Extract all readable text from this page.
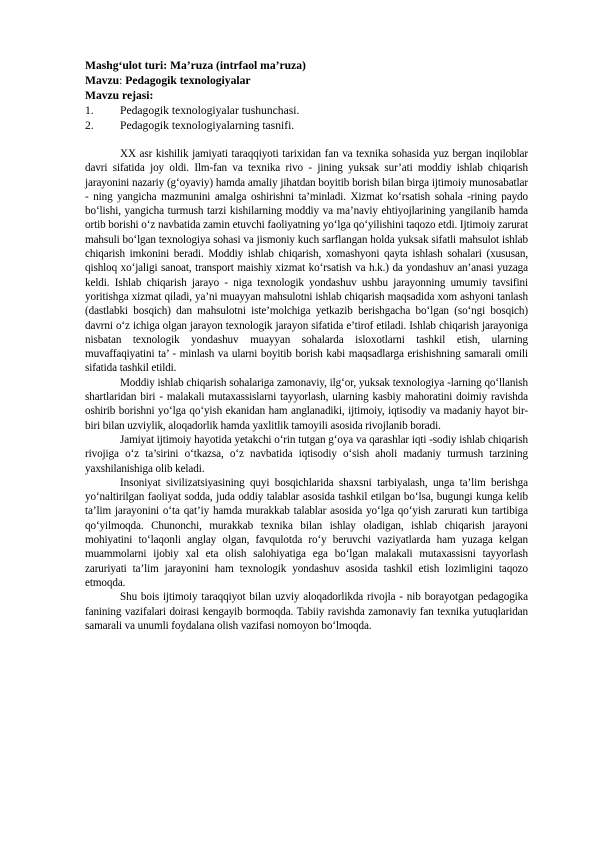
Mashg‘ulot turi: Ma’ruza (intrfaol ma’ruza)
Mavzu: Pedagogik texnologiyalar
Mavzu rejasi:
1.	Pedagogik texnologiyalar tushunchasi.
2.	Pedagogik texnologiyalarning tasnifi.

XX asr kishilik jamiyati taraqqiyoti tarixidan fan va texnika sohasida yuz bergan inqiloblar davri sifatida joy oldi. Ilm-fan va texnika rivo - jining yuksak sur’ati moddiy ishlab chiqarish jarayonini nazariy (g‘oyaviy) hamda amaliy jihatdan boyitib borish bilan birga ijtimoiy munosabatlar - ning yangicha mazmunini amalga oshirishni ta’minladi. Xizmat ko‘rsatish sohala -rining paydo bo‘lishi, yangicha turmush tarzi kishilarning moddiy va ma’naviy ehtiyojlarining yangilanib hamda ortib borishi o‘z navbatida zamin etuvchi faoliyatning yo‘lga qo‘yilishini taqozo etdi. Ijtimoiy zarurat mahsuli bo‘lgan texnologiya sohasi va jismoniy kuch sarflangan holda yuksak sifatli mahsulot ishlab chiqarish imkonini beradi. Moddiy ishlab chiqarish, xomashyoni qayta ishlash sohalari (xususan, qishloq xo‘jaligi sanoat, transport maishiy xizmat ko‘rsatish va h.k.) da yondashuv an’anasi yuzaga keldi. Ishlab chiqarish jarayo - niga texnologik yondashuv ushbu jarayonning umumiy tavsifini yoritishga xizmat qiladi, ya’ni muayyan mahsulotni ishlab chiqarish maqsadida xom ashyoni tanlash (dastlabki bosqich) dan mahsulotni iste’molchiga yetkazib berishgacha bo‘lgan (so‘ngi bosqich) davrni o‘z ichiga olgan jarayon texnologik jarayon sifatida e’tirof etiladi. Ishlab chiqarish jarayoniga nisbatan texnologik yondashuv muayyan sohalarda isloxotlarni tashkil etish, ularning muvaffaqiyatini ta’ - minlash va ularni boyitib borish kabi maqsadlarga erishishning samarali omili sifatida tashkil etildi.

Moddiy ishlab chiqarish sohalariga zamonaviy, ilg‘or, yuksak texnologiya -larning qo‘llanish shartlaridan biri - malakali mutaxassislarni tayyorlash, ularning kasbiy mahoratini doimiy ravishda oshirib borishni yo‘lga qo‘yish ekanidan ham anglanadiki, ijtimoiy, iqtisodiy va madaniy hayot bir-biri bilan uzviylik, aloqadorlik hamda yaxlitlik tamoyili asosida rivojlanib boradi.

Jamiyat ijtimoiy hayotida yetakchi o‘rin tutgan g‘oya va qarashlar iqti -sodiy ishlab chiqarish rivojiga o‘z ta’sirini o‘tkazsa, o‘z navbatida iqtisodiy o‘sish aholi madaniy turmush tarzining yaxshilanishiga olib keladi.

Insoniyat sivilizatsiyasining quyi bosqichlarida shaxsni tarbiyalash, unga ta’lim berishga yo‘naltirilgan faoliyat sodda, juda oddiy talablar asosida tashkil etilgan bo‘lsa, bugungi kunga kelib ta’lim jarayonini o‘ta qat’iy hamda murakkab talablar asosida yo‘lga qo‘yish zarurati kun tartibiga qo‘yilmoqda. Chunonchi, murakkab texnika bilan ishlay oladigan, ishlab chiqarish jarayoni mohiyatini to‘laqonli anglay olgan, favqulotda ro‘y beruvchi vaziyatlarda ham yuzaga kelgan muammolarni ijobiy xal eta olish salohiyatiga ega bo‘lgan malakali mutaxassisni tayyorlash zaruriyati ta’lim jarayonini ham texnologik yondashuv asosida tashkil etish lozimligini taqozo etmoqda.

Shu bois ijtimoiy taraqqiyot bilan uzviy aloqadorlikda rivojla - nib borayotgan pedagogika fanining vazifalari doirasi kengayib bormoqda. Tabiiy ravishda zamonaviy fan texnika yutuqlaridan samarali va unumli foydalana olish vazifasi nomoyon bo‘lmoqda.
